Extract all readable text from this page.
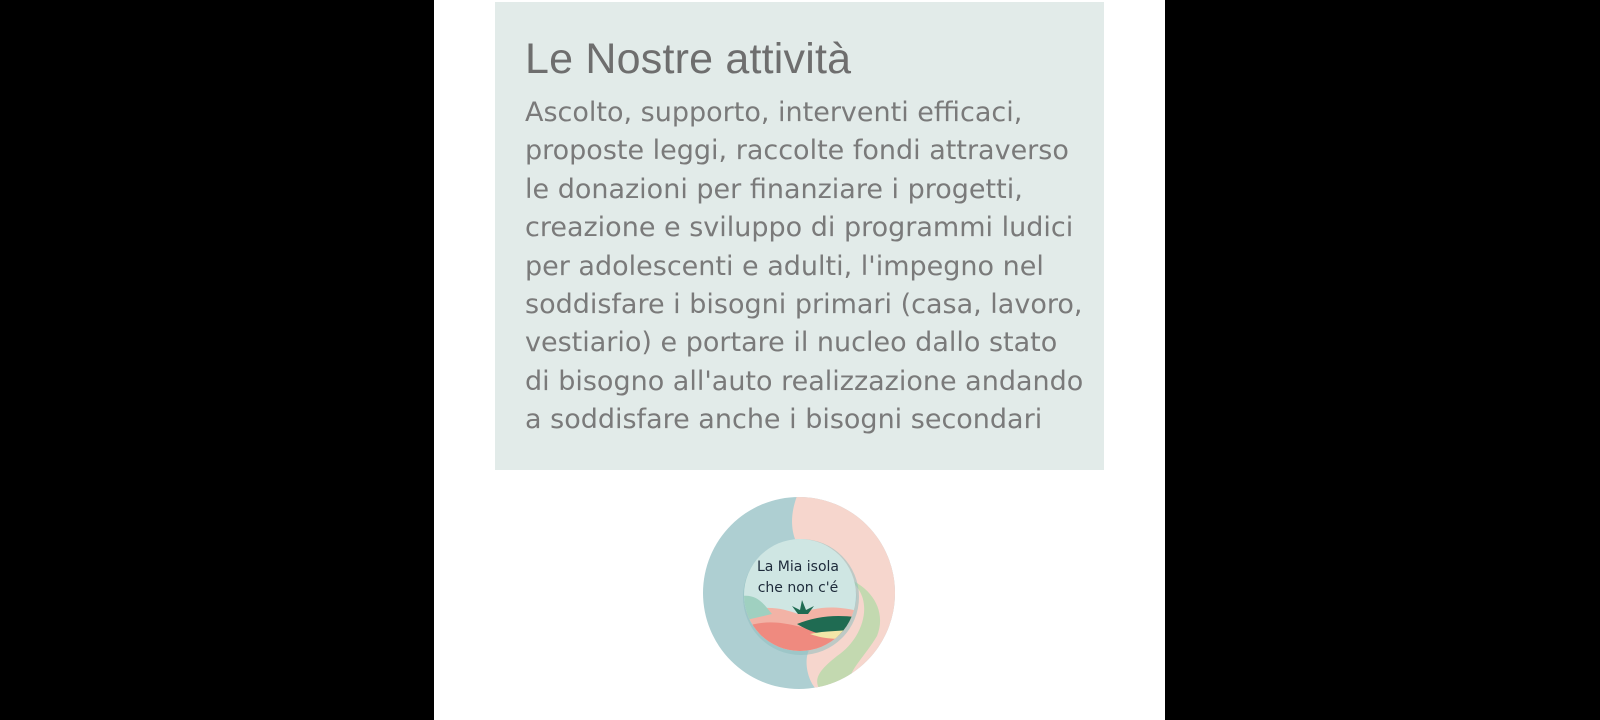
Le Nostre attività

Ascolto, supporto, interventi efficaci, proposte leggi, raccolte fondi attraverso le donazioni per finanziare i progetti, creazione e sviluppo di programmi ludici per adolescenti e adulti, l'impegno nel soddisfare i bisogni primari (casa, lavoro, vestiario) e portare il nucleo dallo stato di bisogno all'auto realizzazione andando a soddisfare anche i bisogni secondari

La Mia isola
che non c'é
